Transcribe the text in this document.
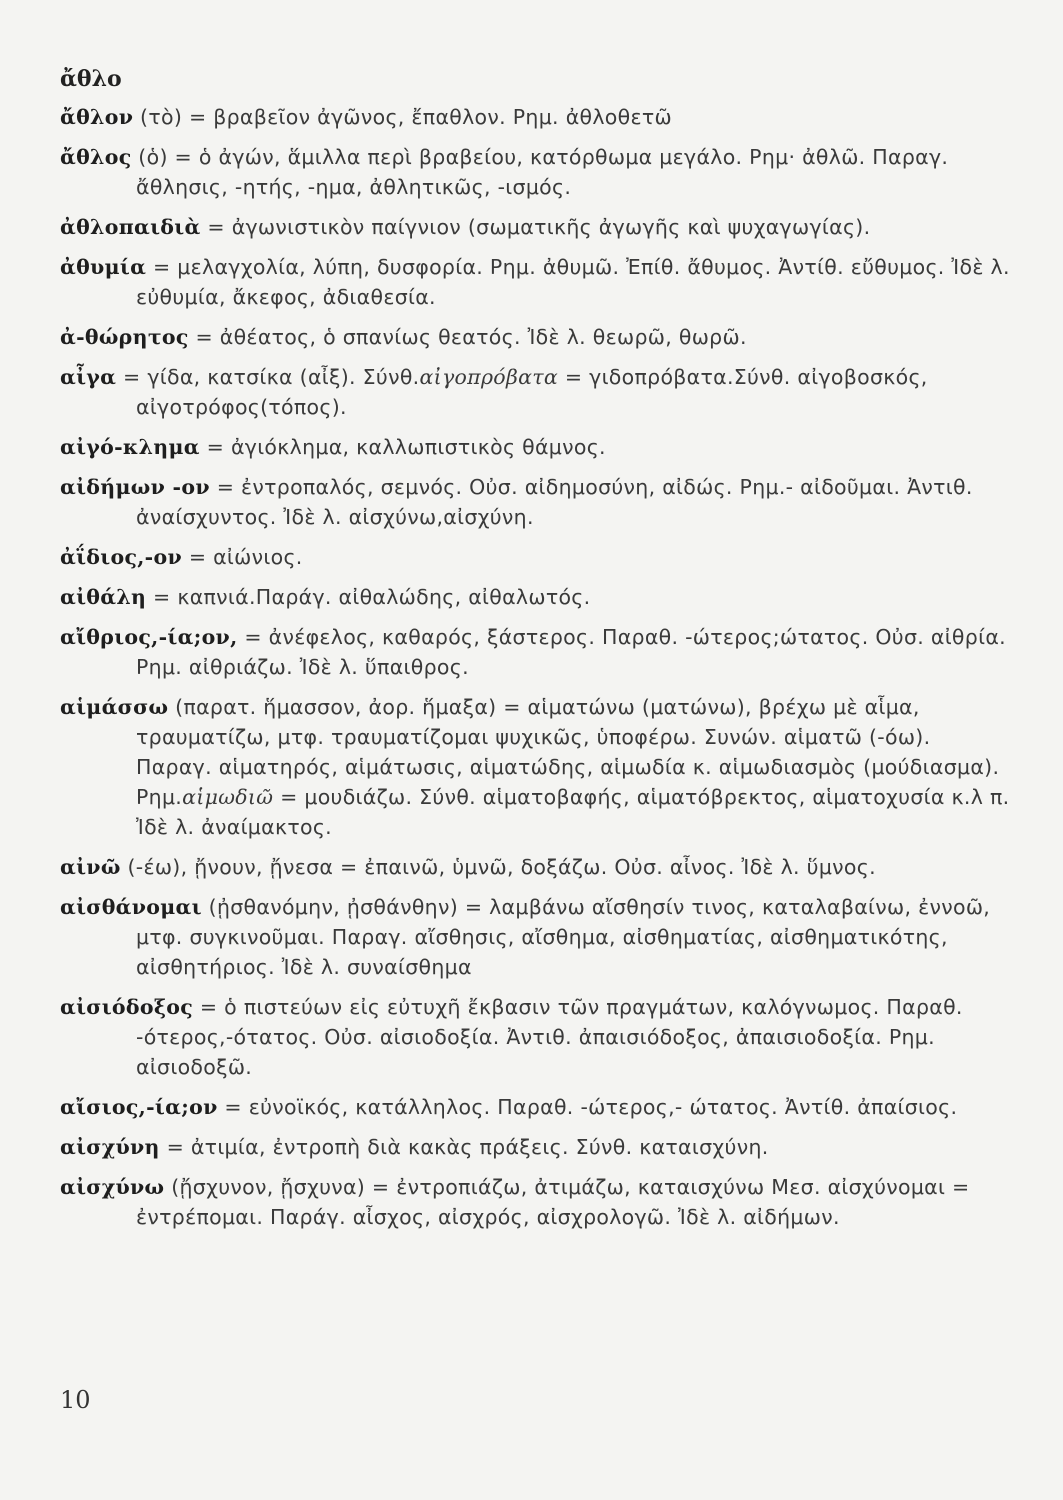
ἄθλο

ἄθλον (τὸ) = βραβεῖον ἀγῶνος, ἔπαθλον. Ρημ. ἀθλοθετῶ

ἄθλος (ὁ) = ὁ ἀγών, ἅμιλλα περὶ βραβείου, κατόρθωμα μεγάλο. Ρημ· ἀθλῶ. Παραγ. ἄθλησις, -ητής, -ημα, ἀθλητικῶς, -ισμός.

ἀθλοπαιδιὰ = ἀγωνιστικὸν παίγνιον (σωματικῆς ἀγωγῆς καὶ ψυχαγωγίας).

ἀθυμία = μελαγχολία, λύπη, δυσφορία. Ρημ. ἀθυμῶ. Ἐπίθ. ἄθυμος. Ἀντίθ. εὔθυμος. Ἰδὲ λ. εὐθυμία, ἄκεφος, ἀδιαθεσία.

ἀ-θώρητος = ἀθέατος, ὁ σπανίως θεατός. Ἰδὲ λ. θεωρῶ, θωρῶ.

αἶγα = γίδα, κατσίκα (αἶξ). Σύνθ.αἰγοπρόβατα = γιδοπρόβατα.Σύνθ. αἰγοβοσκός, αἰγοτρόφος(τόπος).

αἰγό-κλημα = ἀγιόκλημα, καλλωπιστικὸς θάμνος.

αἰδήμων -ον = ἐντροπαλός, σεμνός. Οὐσ. αἰδημοσύνη, αἰδώς. Ρημ.- αἰδοῦμαι. Ἀντιθ. ἀναίσχυντος. Ἰδὲ λ. αἰσχύνω,αἰσχύνη.

ἀΐδιος,-ον = αἰώνιος.

αἰθάλη = καπνιά.Παράγ. αἰθαλώδης, αἰθαλωτός.

αἴθριος,-ία;ον, = ἀνέφελος, καθαρός, ξάστερος. Παραθ. -ώτερος;ώτατος. Οὐσ. αἰθρία. Ρημ. αἰθριάζω. Ἰδὲ λ. ὕπαιθρος.

αἱμάσσω (παρατ. ἥμασσον, ἀορ. ἥμαξα) = αἱματώνω (ματώνω), βρέχω μὲ αἷμα, τραυματίζω, μτφ. τραυματίζομαι ψυχικῶς, ὑποφέρω. Συνών. αἱματῶ (-όω). Παραγ. αἱματηρός, αἱμάτωσις, αἱματώδης, αἱμωδία κ. αἱμωδιασμὸς (μούδιασμα). Ρημ.αἱμωδιῶ = μουδιάζω. Σύνθ. αἱματοβαφής, αἱματόβρεκτος, αἱματοχυσία κ.λ π. Ἰδὲ λ. ἀναίμακτος.

αἰνῶ (-έω), ᾔνουν, ᾔνεσα = ἐπαινῶ, ὑμνῶ, δοξάζω. Οὐσ. αἶνος. Ἰδὲ λ. ὕμνος.

αἰσθάνομαι (ᾐσθανόμην, ᾐσθάνθην) = λαμβάνω αἴσθησίν τινος, καταλαβαίνω, ἐννοῶ, μτφ. συγκινοῦμαι. Παραγ. αἴσθησις, αἴσθημα, αἰσθηματίας, αἰσθηματικότης, αἰσθητήριος. Ἰδὲ λ. συναίσθημα

αἰσιόδοξος = ὁ πιστεύων εἰς εὐτυχῆ ἔκβασιν τῶν πραγμάτων, καλόγνωμος. Παραθ. -ότερος,-ότατος. Οὐσ. αἰσιοδοξία. Ἀντιθ. ἀπαισιόδοξος, ἀπαισιοδοξία. Ρημ. αἰσιοδοξῶ.

αἴσιος,-ία;ον = εὐνοϊκός, κατάλληλος. Παραθ. -ώτερος,- ώτατος. Ἀντίθ. ἀπαίσιος.

αἰσχύνη = ἀτιμία, ἐντροπὴ διὰ κακὰς πράξεις. Σύνθ. καταισχύνη.

αἰσχύνω (ᾔσχυνον, ᾔσχυνα) = ἐντροπιάζω, ἀτιμάζω, καταισχύνω Μεσ. αἰσχύνομαι = ἐντρέπομαι. Παράγ. αἶσχος, αἰσχρός, αἰσχρολογῶ. Ἰδὲ λ. αἰδήμων.

10
